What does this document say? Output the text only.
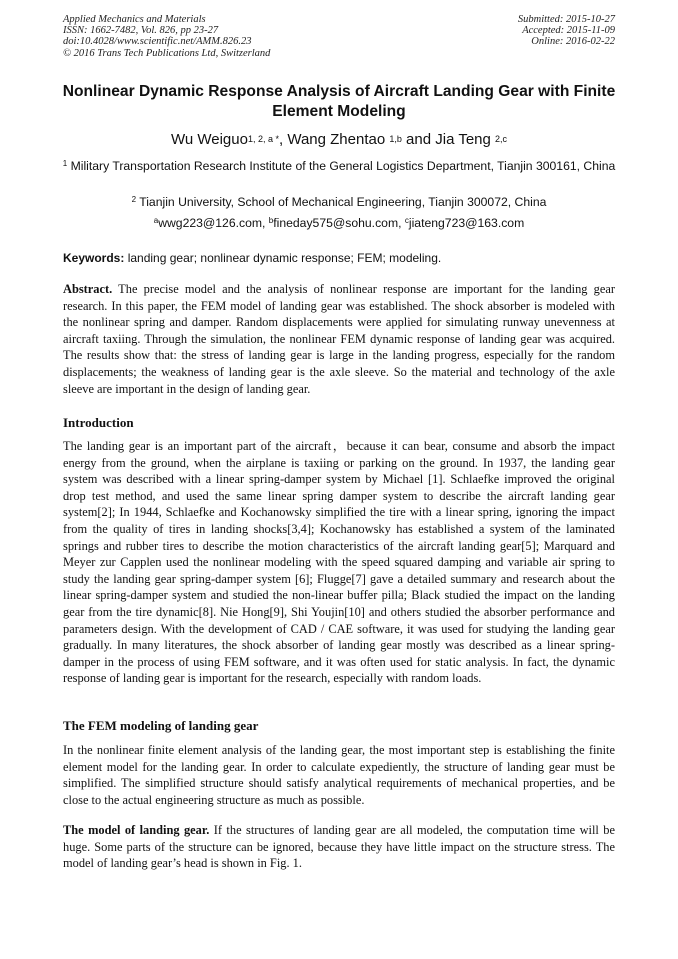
Applied Mechanics and Materials
ISSN: 1662-7482, Vol. 826, pp 23-27
doi:10.4028/www.scientific.net/AMM.826.23
© 2016 Trans Tech Publications Ltd, Switzerland
Submitted: 2015-10-27
Accepted: 2015-11-09
Online: 2016-02-22
Nonlinear Dynamic Response Analysis of Aircraft Landing Gear with Finite Element Modeling
Wu Weiguo$^{1, 2, a *}$, Wang Zhentao $^{1,b}$ and Jia Teng $^{2,c}$
$^1$ Military Transportation Research Institute of the General Logistics Department, Tianjin 300161, China
$^2$ Tianjin University, School of Mechanical Engineering, Tianjin 300072, China
$^a$wwg223@126.com, $^b$fineday575@sohu.com, $^c$jiateng723@163.com
Keywords: landing gear; nonlinear dynamic response; FEM; modeling.
Abstract. The precise model and the analysis of nonlinear response are important for the landing gear research. In this paper, the FEM model of landing gear was established. The shock absorber is modeled with the nonlinear spring and damper. Random displacements were applied for simulating runway unevenness at aircraft taxiing. Through the simulation, the nonlinear FEM dynamic response of landing gear was acquired. The results show that: the stress of landing gear is large in the landing progress, especially for the random displacements; the weakness of landing gear is the axle sleeve. So the material and technology of the axle sleeve are important in the design of landing gear.
Introduction
The landing gear is an important part of the aircraft，because it can bear, consume and absorb the impact energy from the ground, when the airplane is taxiing or parking on the ground. In 1937, the landing gear system was described with a linear spring-damper system by Michael [1]. Schlaefke improved the original drop test method, and used the same linear spring damper system to describe the aircraft landing gear system[2]; In 1944, Schlaefke and Kochanowsky simplified the tire with a linear spring, ignoring the impact from the quality of tires in landing shocks[3,4]; Kochanowsky has established a system of the laminated springs and rubber tires to describe the motion characteristics of the aircraft landing gear[5]; Marquard and Meyer zur Capplen used the nonlinear modeling with the speed squared damping and variable air spring to study the landing gear spring-damper system [6]; Flugge[7] gave a detailed summary and research about the linear spring-damper system and studied the non-linear buffer pilla; Black studied the impact on the landing gear from the tire dynamic[8]. Nie Hong[9], Shi Youjin[10] and others studied the absorber performance and parameters design. With the development of CAD / CAE software, it was used for studying the landing gear gradually. In many literatures, the shock absorber of landing gear mostly was described as a linear spring-damper in the process of using FEM software, and it was often used for static analysis. In fact, the dynamic response of landing gear is important for the research, especially with random loads.
The FEM modeling of landing gear
In the nonlinear finite element analysis of the landing gear, the most important step is establishing the finite element model for the landing gear. In order to calculate expediently, the structure of landing gear must be simplified. The simplified structure should satisfy analytical requirements of mechanical properties, and be close to the actual engineering structure as much as possible.
The model of landing gear. If the structures of landing gear are all modeled, the computation time will be huge. Some parts of the structure can be ignored, because they have little impact on the structure stress. The model of landing gear’s head is shown in Fig. 1.
